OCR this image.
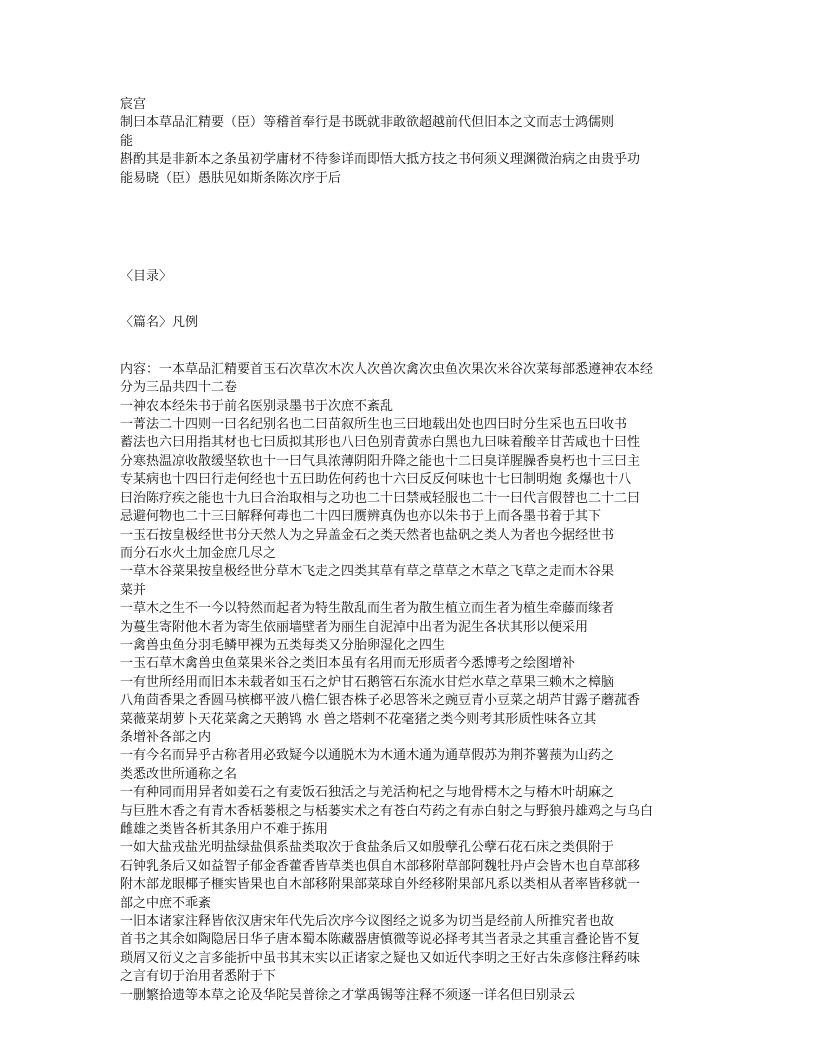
宸宫
制曰本草品汇精要（臣）等稽首奉行是书既就非敢欲超越前代但旧本之文而志士鸿儒则
能
斟酌其是非新本之条虽初学庸材不待参详而即悟大抵方技之书何须义理渊微治病之由贵乎功
能易晓（臣）愚肤见如斯条陈次序于后
〈目录〉
〈篇名〉凡例
内容：一本草品汇精要首玉石次草次木次人次兽次禽次虫鱼次果次米谷次菜每部悉遵神农本经
分为三品共四十二卷
一神农本经朱书于前名医别录墨书于次庶不紊乱
一菁法二十四则一曰名纪别名也二曰苗叙所生也三曰地载出处也四曰时分生采也五曰收书
蓄法也六曰用指其材也七曰质拟其形也八曰色别青黄赤白黑也九曰味着酸辛甘苦咸也十曰性
分寒热温凉收散缓坚软也十一曰气具浓薄阴阳升降之能也十二曰臭详腥臊香臭朽也十三曰主
专某病也十四曰行走何经也十五曰助佐何药也十六曰反反何味也十七曰制明炮 炙爆也十八
曰治陈疗疾之能也十九曰合治取相与之功也二十曰禁戒轻服也二十一曰代言假替也二十二曰
忌避何物也二十三曰解释何毒也二十四曰赝辨真伪也亦以朱书于上而各墨书着于其下
一玉石按皇极经世书分天然人为之异盖金石之类天然者也盐矾之类人为者也今据经世书
而分石水火土加金庶几尽之
一草木谷菜果按皇极经世分草木飞走之四类其草有草之草草之木草之飞草之走而木谷果
菜并
一草木之生不一今以特然而起者为特生散乱而生者为散生植立而生者为植生牵藤而缘者
为蔓生寄附他木者为寄生依丽墙壁者为丽生自泥淖中出者为泥生各状其形以便采用
一禽兽虫鱼分羽毛鳞甲裸为五类每类又分胎卵湿化之四生
一玉石草木禽兽虫鱼菜果米谷之类旧本虽有名用而无形质者今悉博考之绘图增补
一有世所经用而旧本未载者如玉石之炉甘石鹅管石东流水甘烂水草之草果三赖木之樟脑
八角茴香果之香圆马槟榔平波八檐仁银杏株子必思答米之豌豆青小豆菜之胡芦甘露子蘑菰香
菜薇菜胡萝卜天花菜禽之天鹅鸨 水 兽之塔剌不花毫猪之类今则考其形质性味各立其
条增补各部之内
一有今名而异乎古称者用必致疑今以通脱木为木通木通为通草假苏为荆芥薯蓣为山药之
类悉改世所通称之名
一有种同而用异者如姜石之有麦饭石独活之与羌活枸杞之与地骨樗木之与椿木叶胡麻之
与巨胜木香之有青木香栝蒌根之与栝蒌实术之有苍白芍药之有赤白射之与野狼丹雄鸡之与乌白
雌雄之类皆各析其条用户不难于拣用
一如大盐戎盐光明盐绿盐俱系盐类取次于食盐条后又如殷孽孔公孽石花石床之类俱附于
石钟乳条后又如益智子郁金香藿香皆草类也俱自木部移附草部阿魏牡丹卢会皆木也自草部移
附木部龙眼椰子榧实皆果也自木部移附果部菜球自外经移附果部凡系以类相从者率皆移就一
部之中庶不乖紊
一旧本诸家注释皆依汉唐宋年代先后次序今议图经之说多为切当是经前人所推究者也故
首书之其余如陶隐居日华子唐本蜀本陈藏器唐慎微等说必择考其当者录之其重言叠论皆不复
琐屑又衍义之言多能折中虽书其末实以正诸家之疑也又如近代李明之王好古朱彦修注释药味
之言有切于治用者悉附于下
一删繁拾遗等本草之论及华陀吴普徐之才掌禹锡等注释不须逐一详名但曰别录云
